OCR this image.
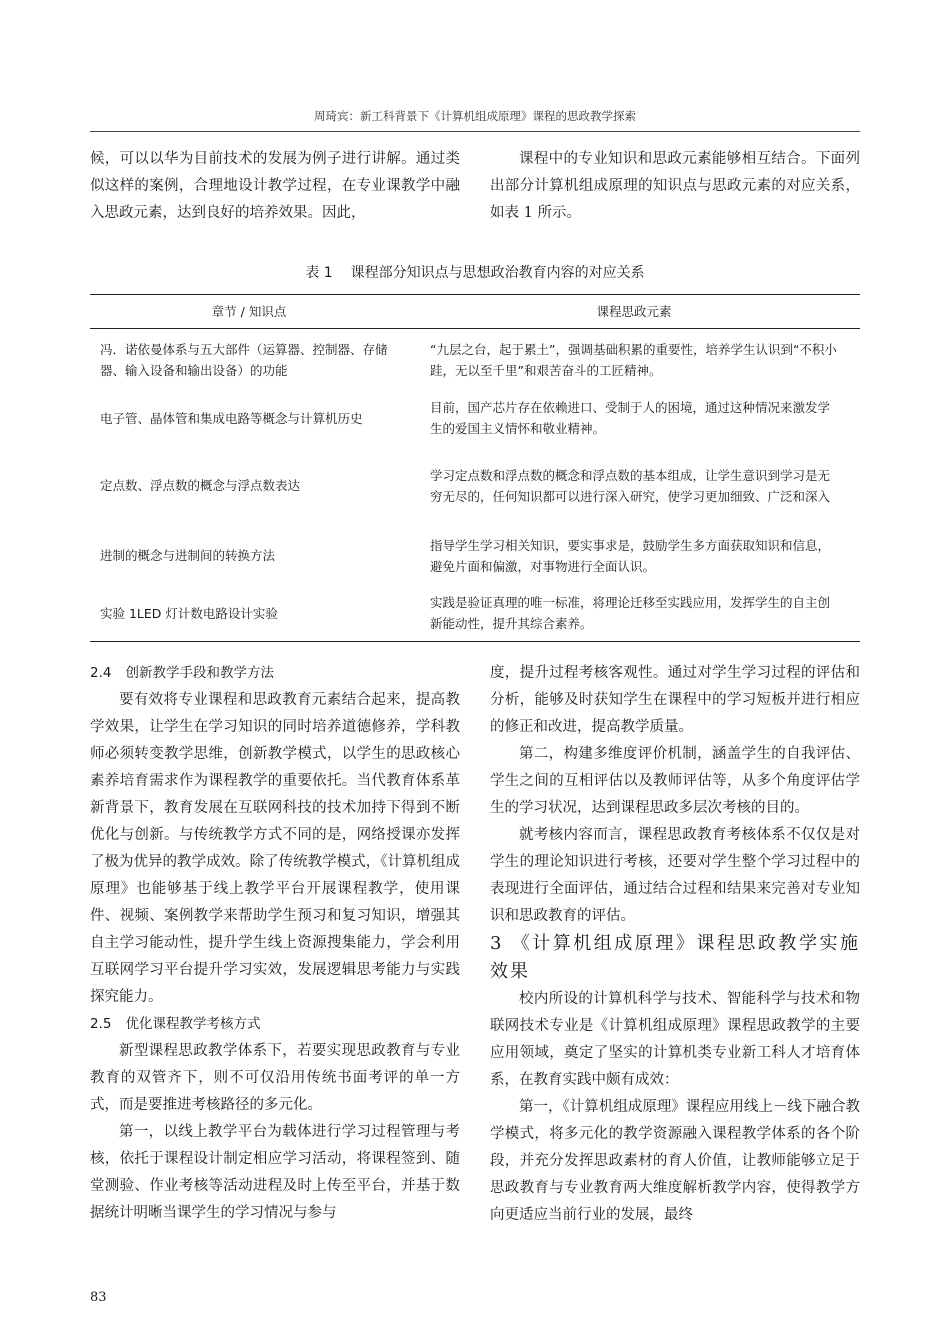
周琦宾：新工科背景下《计算机组成原理》课程的思政教学探索

候，可以以华为目前技术的发展为例子进行讲解。通过类似这样的案例，合理地设计教学过程，在专业课教学中融入思政元素，达到良好的培养效果。因此，

课程中的专业知识和思政元素能够相互结合。下面列出部分计算机组成原理的知识点与思政元素的对应关系，如表 1 所示。

表 1 课程部分知识点与思想政治教育内容的对应关系
章节 / 知识点	课程思政元素
冯．诺依曼体系与五大部件（运算器、控制器、存储器、输入设备和输出设备）的功能	“九层之台，起于累土”，强调基础积累的重要性，培养学生认识到“不积小跬，无以至千里”和艰苦奋斗的工匠精神。
电子管、晶体管和集成电路等概念与计算机历史	目前，国产芯片存在依赖进口、受制于人的困境，通过这种情况来激发学生的爱国主义情怀和敬业精神。
定点数、浮点数的概念与浮点数表达	学习定点数和浮点数的概念和浮点数的基本组成，让学生意识到学习是无穷无尽的，任何知识都可以进行深入研究，使学习更加细致、广泛和深入
进制的概念与进制间的转换方法	指导学生学习相关知识，要实事求是，鼓励学生多方面获取知识和信息，避免片面和偏激，对事物进行全面认识。
实验 1LED 灯计数电路设计实验	实践是验证真理的唯一标准，将理论迁移至实践应用，发挥学生的自主创新能动性，提升其综合素养。

2.4 创新教学手段和教学方法

要有效将专业课程和思政教育元素结合起来，提高教学效果，让学生在学习知识的同时培养道德修养，学科教师必须转变教学思维，创新教学模式，以学生的思政核心素养培育需求作为课程教学的重要依托。当代教育体系革新背景下，教育发展在互联网科技的技术加持下得到不断优化与创新。与传统教学方式不同的是，网络授课亦发挥了极为优异的教学成效。除了传统教学模式，《计算机组成原理》也能够基于线上教学平台开展课程教学，使用课件、视频、案例教学来帮助学生预习和复习知识，增强其自主学习能动性，提升学生线上资源搜集能力，学会利用互联网学习平台提升学习实效，发展逻辑思考能力与实践探究能力。

2.5 优化课程教学考核方式

新型课程思政教学体系下，若要实现思政教育与专业教育的双管齐下，则不可仅沿用传统书面考评的单一方式，而是要推进考核路径的多元化。

第一，以线上教学平台为载体进行学习过程管理与考核，依托于课程设计制定相应学习活动，将课程签到、随堂测验、作业考核等活动进程及时上传至平台，并基于数据统计明晰当课学生的学习情况与参与

度，提升过程考核客观性。通过对学生学习过程的评估和分析，能够及时获知学生在课程中的学习短板并进行相应的修正和改进，提高教学质量。

第二，构建多维度评价机制，涵盖学生的自我评估、学生之间的互相评估以及教师评估等，从多个角度评估学生的学习状况，达到课程思政多层次考核的目的。

就考核内容而言，课程思政教育考核体系不仅仅是对学生的理论知识进行考核，还要对学生整个学习过程中的表现进行全面评估，通过结合过程和结果来完善对专业知识和思政教育的评估。

3 《计算机组成原理》课程思政教学实施效果

校内所设的计算机科学与技术、智能科学与技术和物联网技术专业是《计算机组成原理》课程思政教学的主要应用领域，奠定了坚实的计算机类专业新工科人才培育体系，在教育实践中颇有成效：

第一，《计算机组成原理》课程应用线上－线下融合教学模式，将多元化的教学资源融入课程教学体系的各个阶段，并充分发挥思政素材的育人价值，让教师能够立足于思政教育与专业教育两大维度解析教学内容，使得教学方向更适应当前行业的发展，最终

83
